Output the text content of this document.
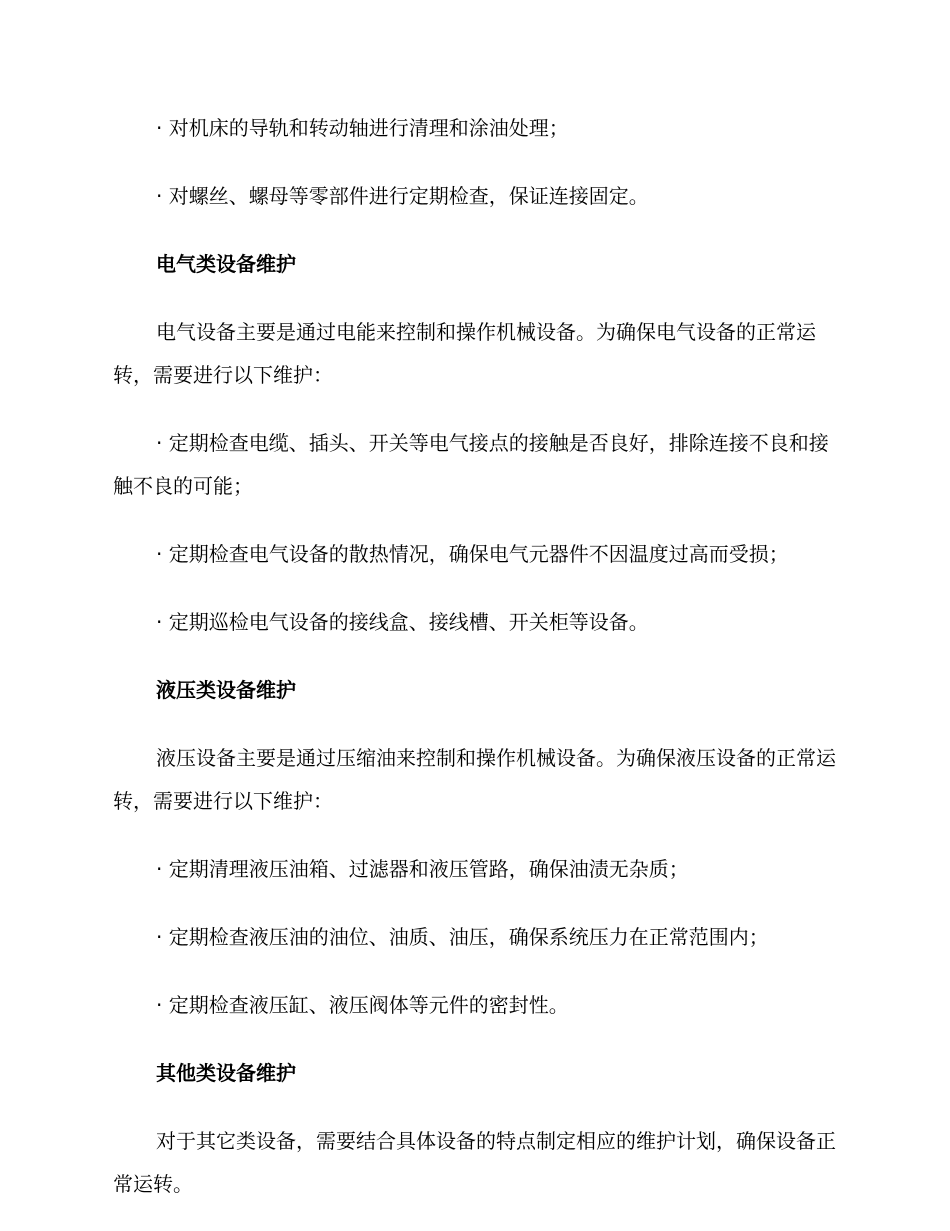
· 对机床的导轨和转动轴进行清理和涂油处理；

· 对螺丝、螺母等零部件进行定期检查，保证连接固定。

电气类设备维护

电气设备主要是通过电能来控制和操作机械设备。为确保电气设备的正常运转，需要进行以下维护：

· 定期检查电缆、插头、开关等电气接点的接触是否良好，排除连接不良和接触不良的可能；

· 定期检查电气设备的散热情况，确保电气元器件不因温度过高而受损；

· 定期巡检电气设备的接线盒、接线槽、开关柜等设备。

液压类设备维护

液压设备主要是通过压缩油来控制和操作机械设备。为确保液压设备的正常运转，需要进行以下维护：

· 定期清理液压油箱、过滤器和液压管路，确保油渍无杂质；

· 定期检查液压油的油位、油质、油压，确保系统压力在正常范围内；

· 定期检查液压缸、液压阀体等元件的密封性。

其他类设备维护

对于其它类设备，需要结合具体设备的特点制定相应的维护计划，确保设备正常运转。
